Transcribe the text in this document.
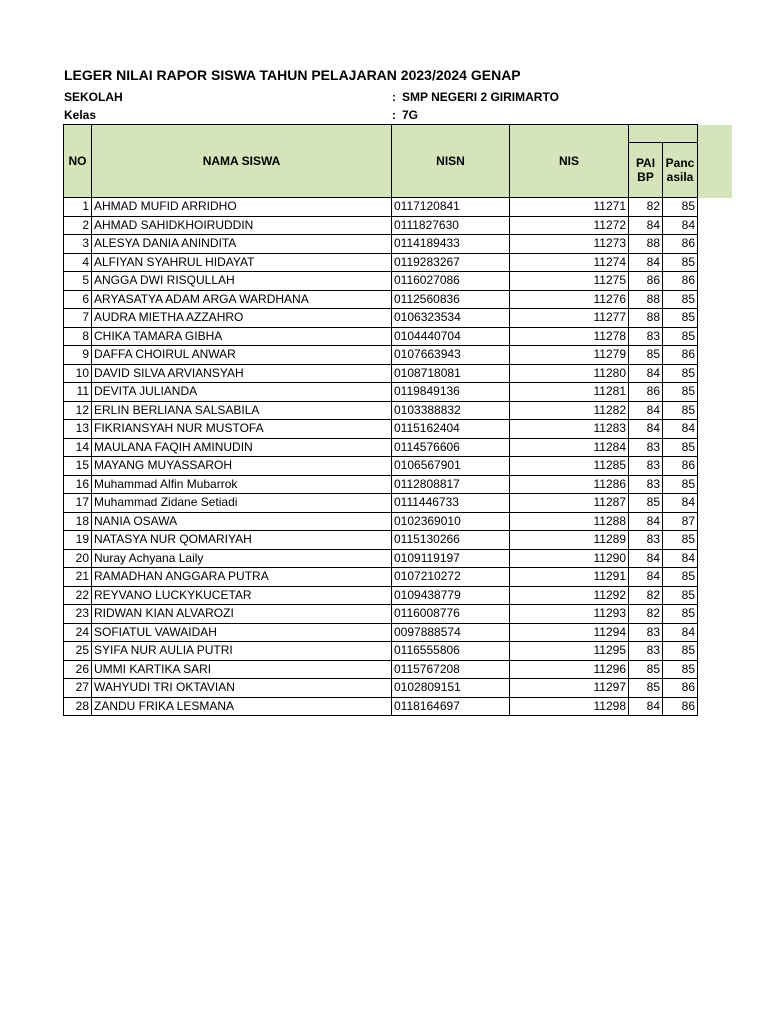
LEGER NILAI RAPOR SISWA TAHUN PELAJARAN 2023/2024 GENAP
SEKOLAH	: SMP NEGERI 2 GIRIMARTO
Kelas	: 7G
NO	NAMA SISWA	NISN	NIS		
				PAI BP	Panc asila
1	AHMAD MUFID ARRIDHO	0117120841	11271	82	85
2	AHMAD SAHIDKHOIRUDDIN	0111827630	11272	84	84
3	ALESYA DANIA ANINDITA	0114189433	11273	88	86
4	ALFIYAN SYAHRUL HIDAYAT	0119283267	11274	84	85
5	ANGGA DWI RISQULLAH	0116027086	11275	86	86
6	ARYASATYA ADAM ARGA WARDHANA	0112560836	11276	88	85
7	AUDRA MIETHA AZZAHRO	0106323534	11277	88	85
8	CHIKA TAMARA GIBHA	0104440704	11278	83	85
9	DAFFA CHOIRUL ANWAR	0107663943	11279	85	86
10	DAVID SILVA ARVIANSYAH	0108718081	11280	84	85
11	DEVITA JULIANDA	0119849136	11281	86	85
12	ERLIN BERLIANA SALSABILA	0103388832	11282	84	85
13	FIKRIANSYAH NUR MUSTOFA	0115162404	11283	84	84
14	MAULANA FAQIH AMINUDIN	0114576606	11284	83	85
15	MAYANG MUYASSAROH	0106567901	11285	83	86
16	Muhammad Alfin Mubarrok	0112808817	11286	83	85
17	Muhammad Zidane Setiadi	0111446733	11287	85	84
18	NANIA OSAWA	0102369010	11288	84	87
19	NATASYA NUR QOMARIYAH	0115130266	11289	83	85
20	Nuray Achyana Laily	0109119197	11290	84	84
21	RAMADHAN ANGGARA PUTRA	0107210272	11291	84	85
22	REYVANO LUCKYKUCETAR	0109438779	11292	82	85
23	RIDWAN KIAN ALVAROZI	0116008776	11293	82	85
24	SOFIATUL VAWAIDAH	0097888574	11294	83	84
25	SYIFA NUR AULIA PUTRI	0116555806	11295	83	85
26	UMMI KARTIKA SARI	0115767208	11296	85	85
27	WAHYUDI TRI OKTAVIAN	0102809151	11297	85	86
28	ZANDU FRIKA LESMANA	0118164697	11298	84	86
